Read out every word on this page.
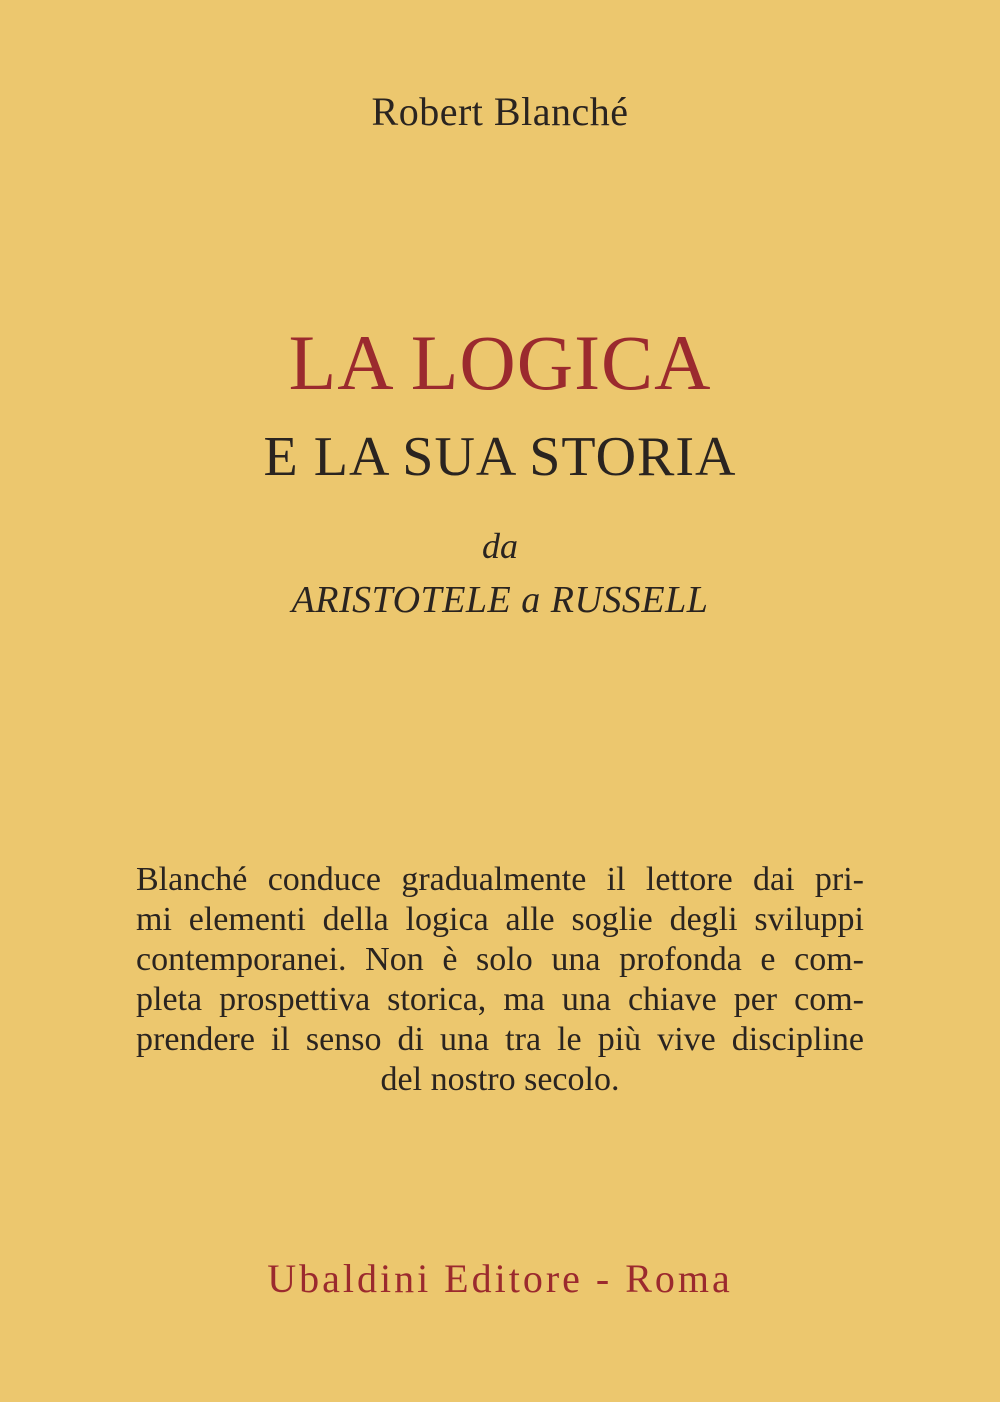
Robert Blanché
LA LOGICA
E LA SUA STORIA
da
ARISTOTELE a RUSSELL
Blanché conduce gradualmente il lettore dai pri-
mi elementi della logica alle soglie degli sviluppi
contemporanei. Non è solo una profonda e com-
pleta prospettiva storica, ma una chiave per com-
prendere il senso di una tra le più vive discipline
del nostro secolo.
Ubaldini Editore - Roma
